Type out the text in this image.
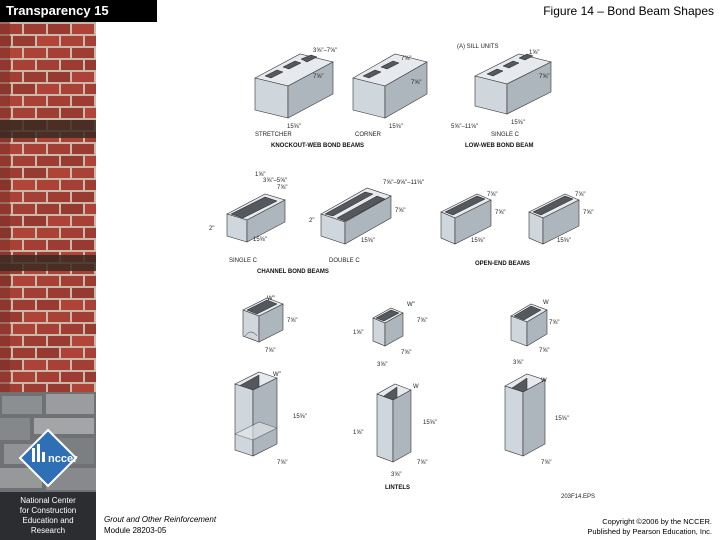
nccer
National Center
for Construction
Education and
Research
Transparency 15	Figure 14 – Bond Beam Shapes
3⅝"–7⅝"
7⅝"
15⅝"
7⅝"
7⅝"
15⅝"
(A) SILL UNITS
1⅝"
7⅝"
15⅝"
5⅝"–11⅝"
STRETCHER	CORNER	SINGLE C
KNOCKOUT-WEB BOND BEAMS	LOW-WEB BOND BEAM
1⅝"
3⅝"–5⅝"
7⅝"
2"
15⅝"
7⅝"–9⅝"–11⅝"
7⅝"
2"
15⅝"
7⅝"
7⅝"
15⅝"
7⅝"
7⅝"
15⅝"
SINGLE C	DOUBLE C
CHANNEL BOND BEAMS
OPEN-END BEAMS
W"
7⅝"
7⅝"
W"
7⅝"
1⅝"
7⅝"
3⅝"
W
7⅝"
7⅝"
3⅝"
W"
15⅝"
7⅝"
W
15⅝"
1⅝"
7⅝"
3⅝"
W
15⅝"
7⅝"
LINTELS
203F14.EPS
Grout and Other Reinforcement
Module 28203-05
Copyright ©2006 by the NCCER.
Published by Pearson Education, Inc.
